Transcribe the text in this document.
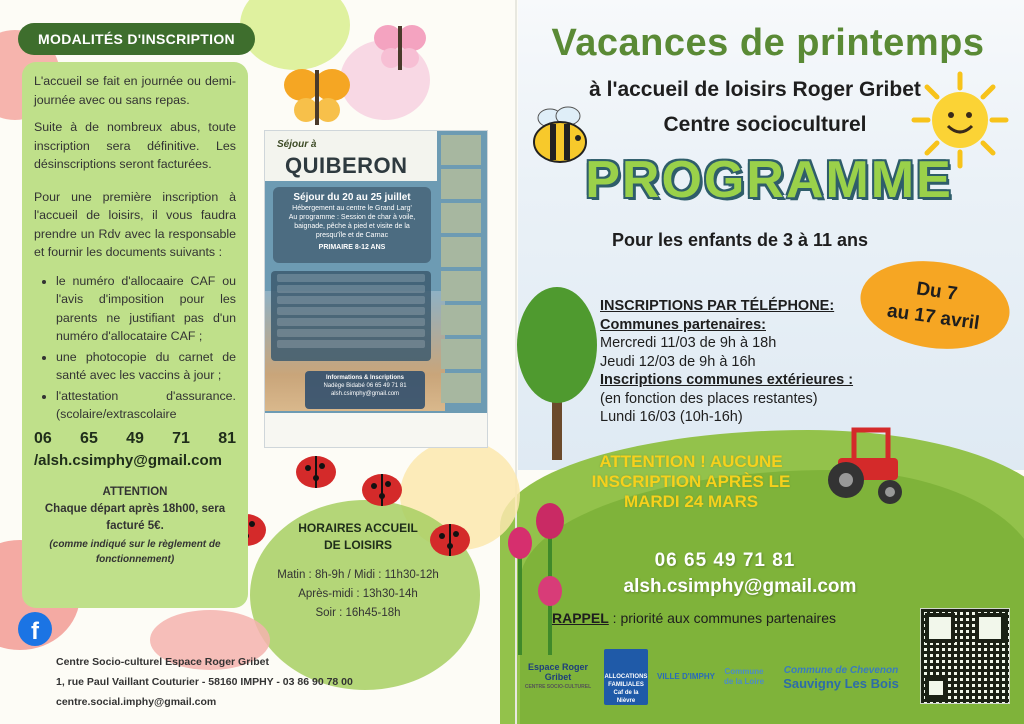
MODALITÉS D'INSCRIPTION

L'accueil se fait en journée ou demi-journée avec ou sans repas.

Suite à de nombreux abus, toute inscription sera définitive. Les désinscriptions seront facturées.

Pour une première inscription à l'accueil de loisirs, il vous faudra prendre un Rdv avec la responsable et fournir les documents suivants :

• le numéro d'allocaaire CAF ou l'avis d'imposition pour les parents ne justifiant pas d'un numéro d'allocataire CAF ;
• une photocopie du carnet de santé avec les vaccins à jour ;
• l'attestation d'assurance. (scolaire/extrascolaire
06 65 49 71 81
/alsh.csimphy@gmail.com
ATTENTION
Chaque départ après 18h00, sera facturé 5€.
(comme indiqué sur le règlement de fonctionnement)
Séjour à
QUIBERON
Séjour du 20 au 25 juillet
Hébergement au centre le Grand Larg'
Au programme : Session de char à voile, baignade, pêche à pied et visite de la presqu'île et de Carnac
PRIMAIRE 8-12 ANS
Informations & Inscriptions
Nadège Bidabé 06 65 49 71 81
alsh.csimphy@gmail.com
HORAIRES ACCUEIL DE LOISIRS
Matin : 8h-9h / Midi : 11h30-12h
Après-midi : 13h30-14h
Soir : 16h45-18h
f
Centre Socio-culturel Espace Roger Gribet
1, rue Paul Vaillant Couturier - 58160 IMPHY - 03 86 90 78 00
centre.social.imphy@gmail.com
Vacances de printemps
à l'accueil de loisirs Roger Gribet
Centre socioculturel
PROGRAMME
Pour les enfants de 3 à 11 ans
Du 7
au 17 avril
INSCRIPTIONS PAR TÉLÉPHONE:
Communes partenaires:
Mercredi 11/03 de 9h à 18h
Jeudi 12/03 de 9h à 16h
Inscriptions communes extérieures :
(en fonction des places restantes)
Lundi 16/03 (10h-16h)
ATTENTION ! AUCUNE INSCRIPTION APRÈS LE MARDI 24 MARS
06 65 49 71 81
alsh.csimphy@gmail.com
RAPPEL : priorité aux communes partenaires
Espace Roger Gribet
CENTRE SOCIO-CULTUREL
ALLOCATIONS FAMILIALES Caf de la Nièvre
VILLE D'IMPHY
Commune de la Loire
Commune de Chevenon
Sauvigny Les Bois
